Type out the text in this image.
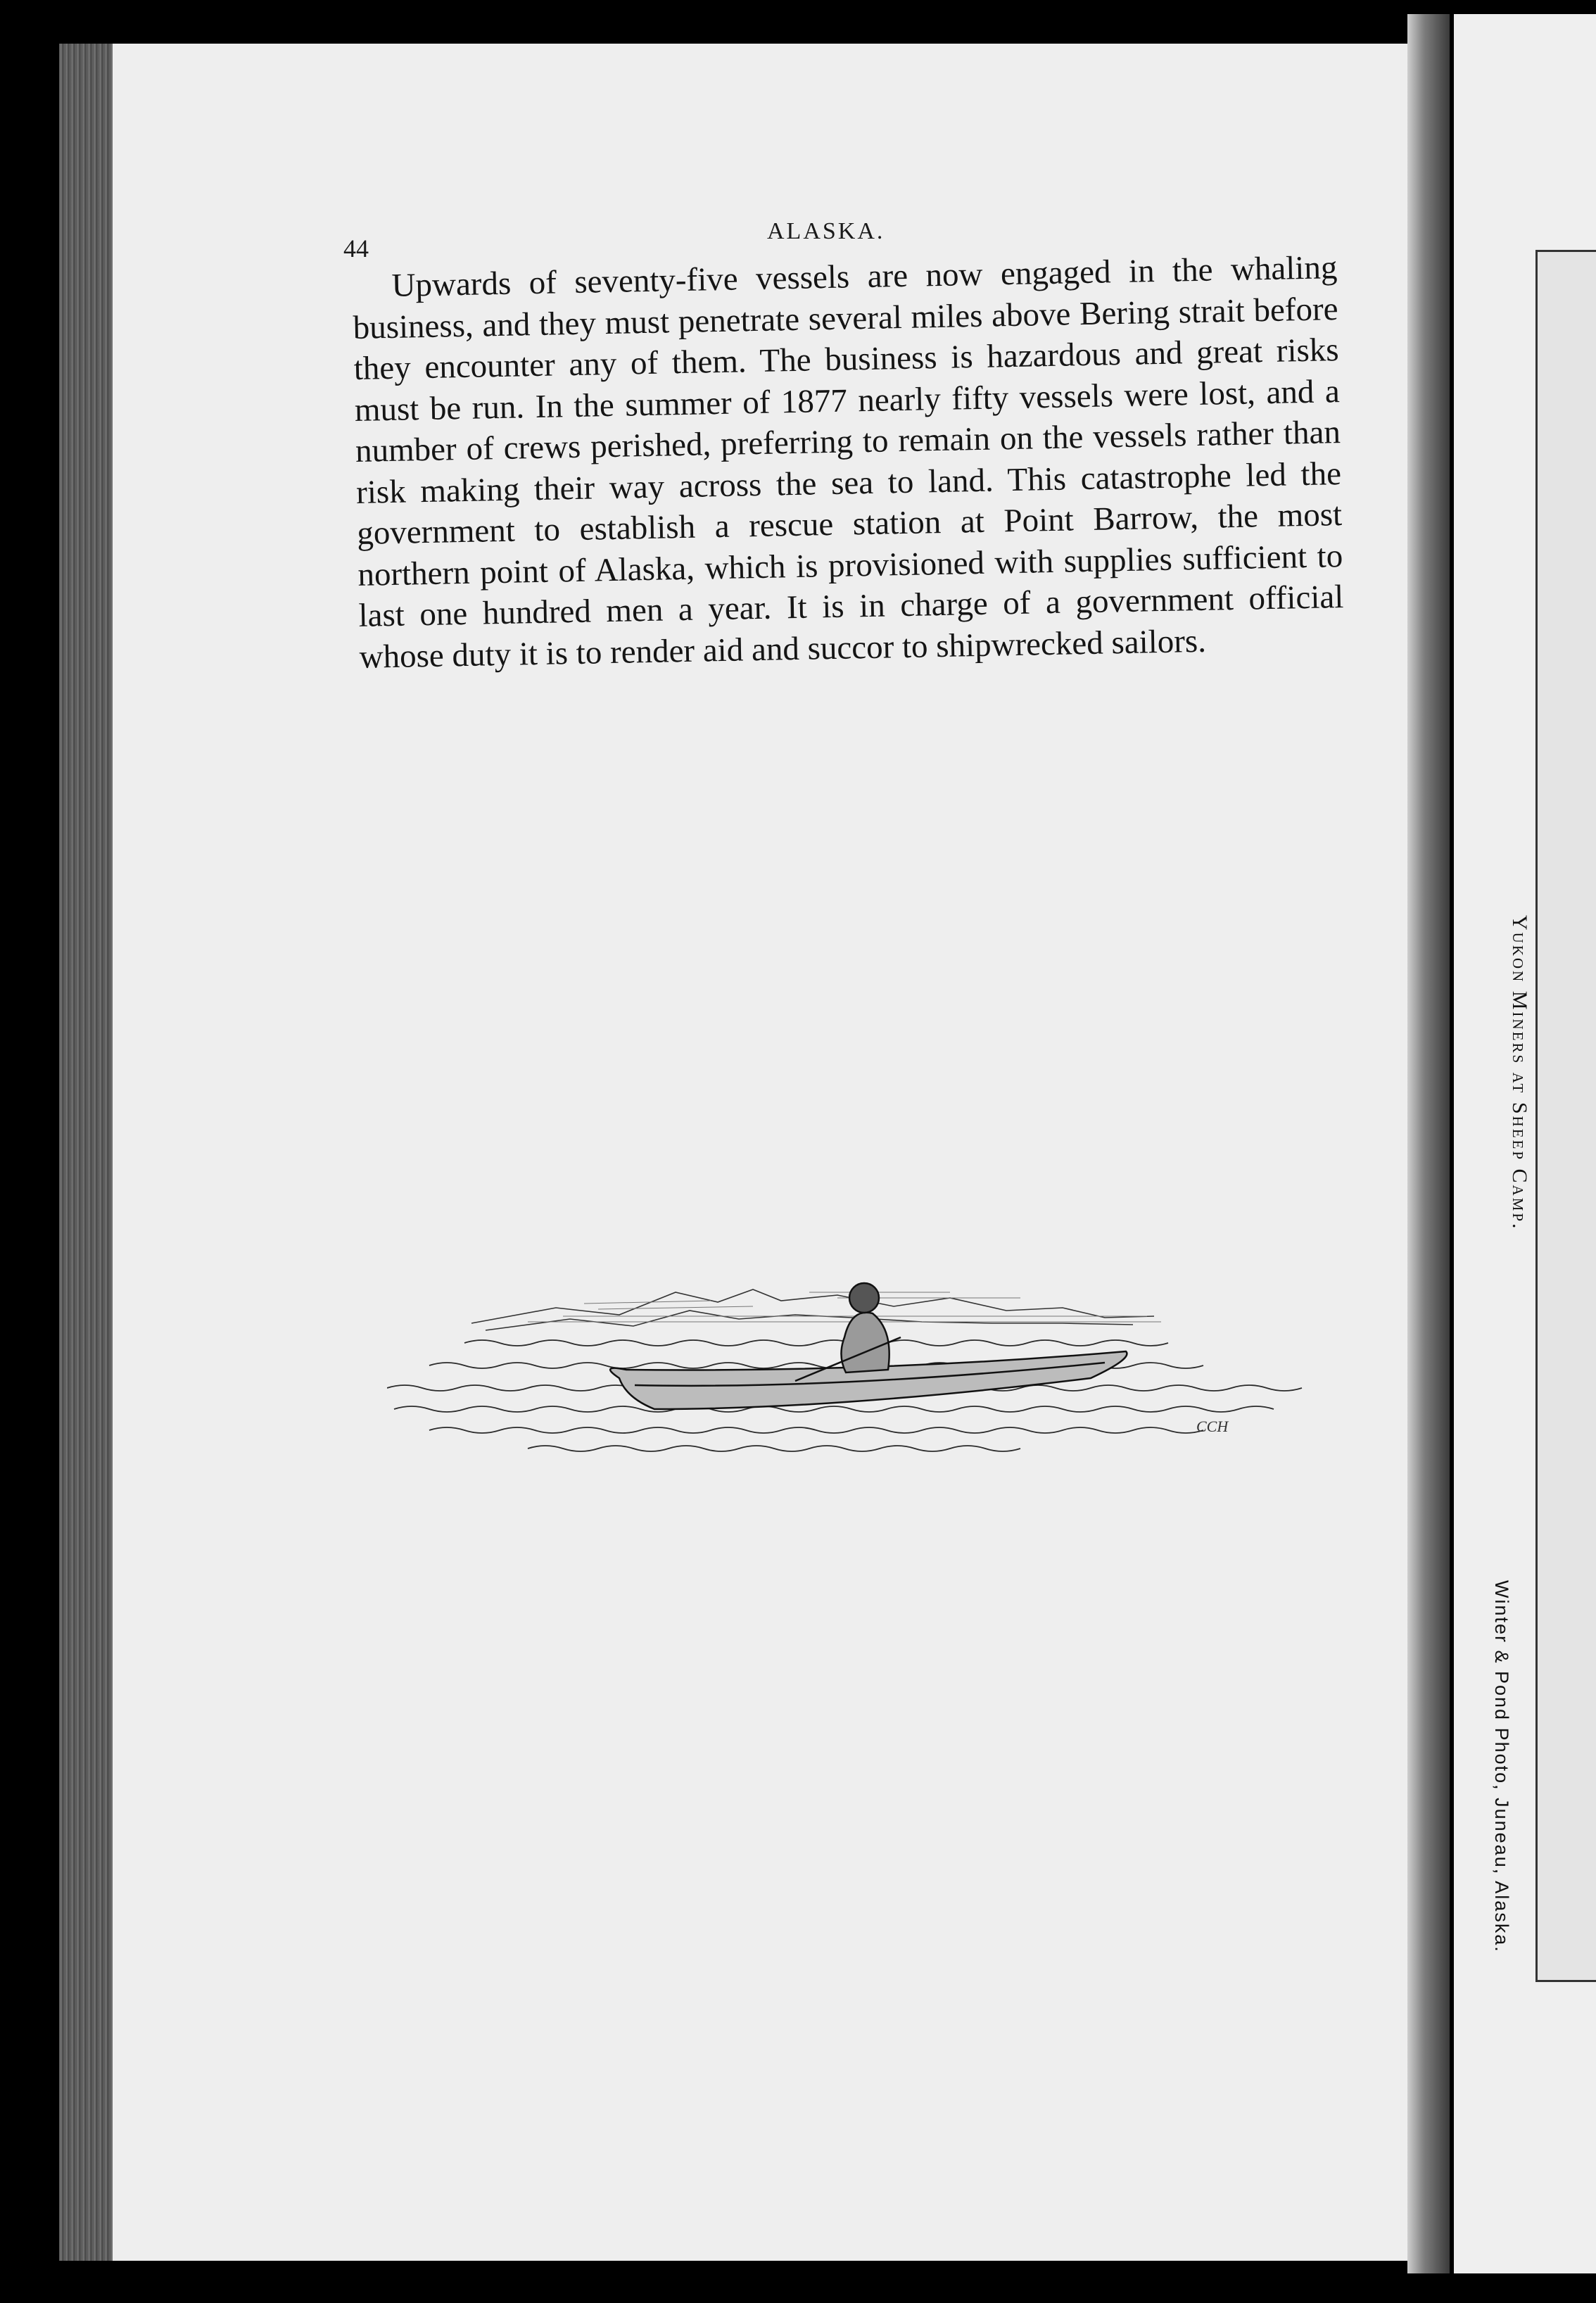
44
ALASKA.

Upwards of seventy-five vessels are now engaged in the whaling business, and they must penetrate several miles above Bering strait before they encounter any of them. The business is hazardous and great risks must be run. In the summer of 1877 nearly fifty vessels were lost, and a number of crews perished, preferring to remain on the vessels rather than risk making their way across the sea to land. This catastrophe led the government to establish a rescue station at Point Barrow, the most northern point of Alaska, which is provisioned with supplies sufficient to last one hundred men a year. It is in charge of a government official whose duty it is to render aid and succor to shipwrecked sailors.

CCH
Yukon Miners at Sheep Camp.
Winter & Pond Photo, Juneau, Alaska.
